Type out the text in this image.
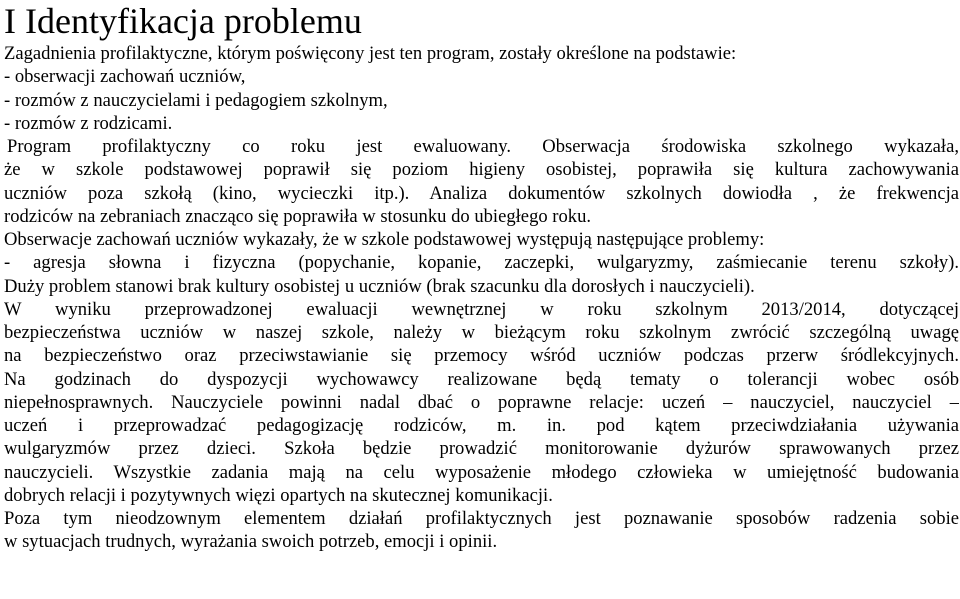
I Identyfikacja problemu
Zagadnienia profilaktyczne, którym poświęcony jest ten program, zostały określone na podstawie:
- obserwacji zachowań uczniów,
- rozmów z nauczycielami i pedagogiem szkolnym,
- rozmów z rodzicami.
Program profilaktyczny co roku jest ewaluowany. Obserwacja środowiska szkolnego wykazała,
że w szkole podstawowej poprawił się poziom higieny osobistej, poprawiła się kultura zachowywania
uczniów poza szkołą (kino, wycieczki itp.). Analiza dokumentów szkolnych dowiodła , że frekwencja
rodziców na zebraniach znacząco się poprawiła w stosunku do ubiegłego roku.
Obserwacje zachowań uczniów wykazały, że w szkole podstawowej występują następujące problemy:
- agresja słowna i fizyczna (popychanie, kopanie, zaczepki, wulgaryzmy, zaśmiecanie terenu szkoły).
Duży problem stanowi brak kultury osobistej u uczniów (brak szacunku dla dorosłych i nauczycieli).
W wyniku przeprowadzonej ewaluacji wewnętrznej w roku szkolnym 2013/2014, dotyczącej
bezpieczeństwa uczniów w naszej szkole, należy w bieżącym roku szkolnym zwrócić szczególną uwagę
na bezpieczeństwo oraz przeciwstawianie się przemocy wśród uczniów podczas przerw śródlekcyjnych.
Na godzinach do dyspozycji wychowawcy realizowane będą tematy o tolerancji wobec osób
niepełnosprawnych. Nauczyciele powinni nadal dbać o poprawne relacje: uczeń – nauczyciel, nauczyciel –
uczeń i przeprowadzać pedagogizację rodziców, m. in. pod kątem przeciwdziałania używania
wulgaryzmów przez dzieci. Szkoła będzie prowadzić monitorowanie dyżurów sprawowanych przez
nauczycieli. Wszystkie zadania mają na celu wyposażenie młodego człowieka w umiejętność budowania
dobrych relacji i pozytywnych więzi opartych na skutecznej komunikacji.
Poza tym nieodzownym elementem działań profilaktycznych jest poznawanie sposobów radzenia sobie
w sytuacjach trudnych, wyrażania swoich potrzeb, emocji i opinii.
